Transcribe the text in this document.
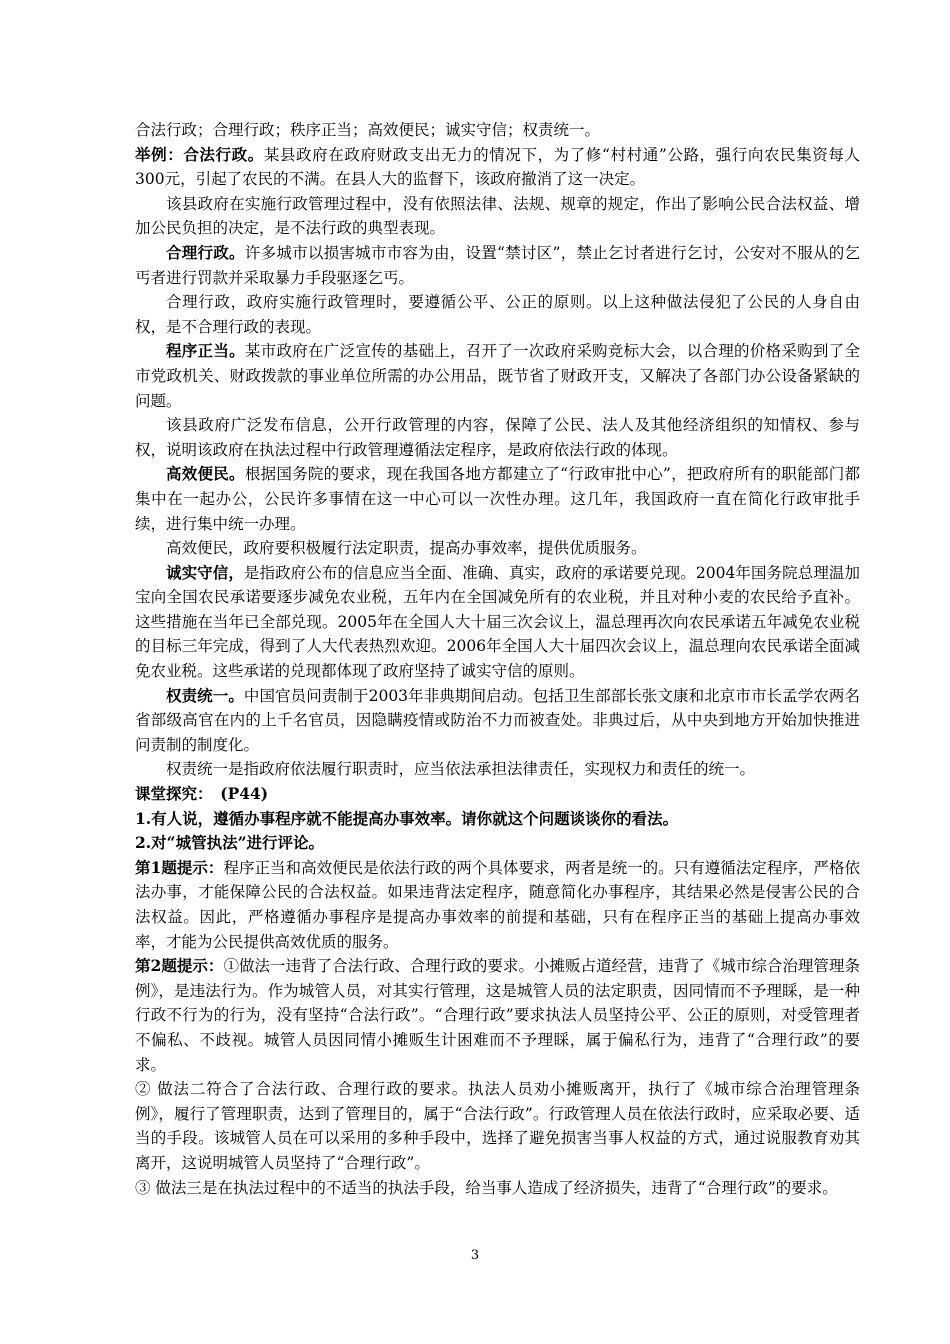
合法行政；合理行政；秩序正当；高效便民；诚实守信；权责统一。

举例：合法行政。某县政府在政府财政支出无力的情况下，为了修“村村通”公路，强行向农民集资每人300元，引起了农民的不满。在县人大的监督下，该政府撤消了这一决定。

该县政府在实施行政管理过程中，没有依照法律、法规、规章的规定，作出了影响公民合法权益、增加公民负担的决定，是不法行政的典型表现。

合理行政。许多城市以损害城市市容为由，设置“禁讨区”，禁止乞讨者进行乞讨，公安对不服从的乞丐者进行罚款并采取暴力手段驱逐乞丐。

合理行政，政府实施行政管理时，要遵循公平、公正的原则。以上这种做法侵犯了公民的人身自由权，是不合理行政的表现。

程序正当。某市政府在广泛宣传的基础上，召开了一次政府采购竞标大会，以合理的价格采购到了全市党政机关、财政拨款的事业单位所需的办公用品，既节省了财政开支，又解决了各部门办公设备紧缺的问题。

该县政府广泛发布信息，公开行政管理的内容，保障了公民、法人及其他经济组织的知情权、参与权，说明该政府在执法过程中行政管理遵循法定程序，是政府依法行政的体现。

高效便民。根据国务院的要求，现在我国各地方都建立了“行政审批中心”，把政府所有的职能部门都集中在一起办公，公民许多事情在这一中心可以一次性办理。这几年，我国政府一直在简化行政审批手续，进行集中统一办理。

高效便民，政府要积极履行法定职责，提高办事效率，提供优质服务。

诚实守信，是指政府公布的信息应当全面、准确、真实，政府的承诺要兑现。2004年国务院总理温加宝向全国农民承诺要逐步减免农业税，五年内在全国减免所有的农业税，并且对种小麦的农民给予直补。这些措施在当年已全部兑现。2005年在全国人大十届三次会议上，温总理再次向农民承诺五年减免农业税的目标三年完成，得到了人大代表热烈欢迎。2006年全国人大十届四次会议上，温总理向农民承诺全面减免农业税。这些承诺的兑现都体现了政府坚持了诚实守信的原则。

权责统一。中国官员问责制于2003年非典期间启动。包括卫生部部长张文康和北京市市长孟学农两名省部级高官在内的上千名官员，因隐瞒疫情或防治不力而被查处。非典过后，从中央到地方开始加快推进问责制的制度化。

权责统一是指政府依法履行职责时，应当依法承担法律责任，实现权力和责任的统一。

课堂探究：　(P44)

1.有人说，遵循办事程序就不能提高办事效率。请你就这个问题谈谈你的看法。

2.对“城管执法”进行评论。

第1题提示：程序正当和高效便民是依法行政的两个具体要求，两者是统一的。只有遵循法定程序，严格依法办事，才能保障公民的合法权益。如果违背法定程序，随意简化办事程序，其结果必然是侵害公民的合法权益。因此，严格遵循办事程序是提高办事效率的前提和基础，只有在程序正当的基础上提高办事效率，才能为公民提供高效优质的服务。

第2题提示：①做法一违背了合法行政、合理行政的要求。小摊贩占道经营，违背了《城市综合治理管理条例》，是违法行为。作为城管人员，对其实行管理，这是城管人员的法定职责，因同情而不予理睬，是一种行政不行为的行为，没有坚持“合法行政”。“合理行政”要求执法人员坚持公平、公正的原则，对受管理者不偏私、不歧视。城管人员因同情小摊贩生计困难而不予理睬，属于偏私行为，违背了“合理行政”的要求。

② 做法二符合了合法行政、合理行政的要求。执法人员劝小摊贩离开，执行了《城市综合治理管理条例》，履行了管理职责，达到了管理目的，属于“合法行政”。行政管理人员在依法行政时，应采取必要、适当的手段。该城管人员在可以采用的多种手段中，选择了避免损害当事人权益的方式，通过说服教育劝其离开，这说明城管人员坚持了“合理行政”。

③ 做法三是在执法过程中的不适当的执法手段，给当事人造成了经济损失，违背了“合理行政”的要求。

3
